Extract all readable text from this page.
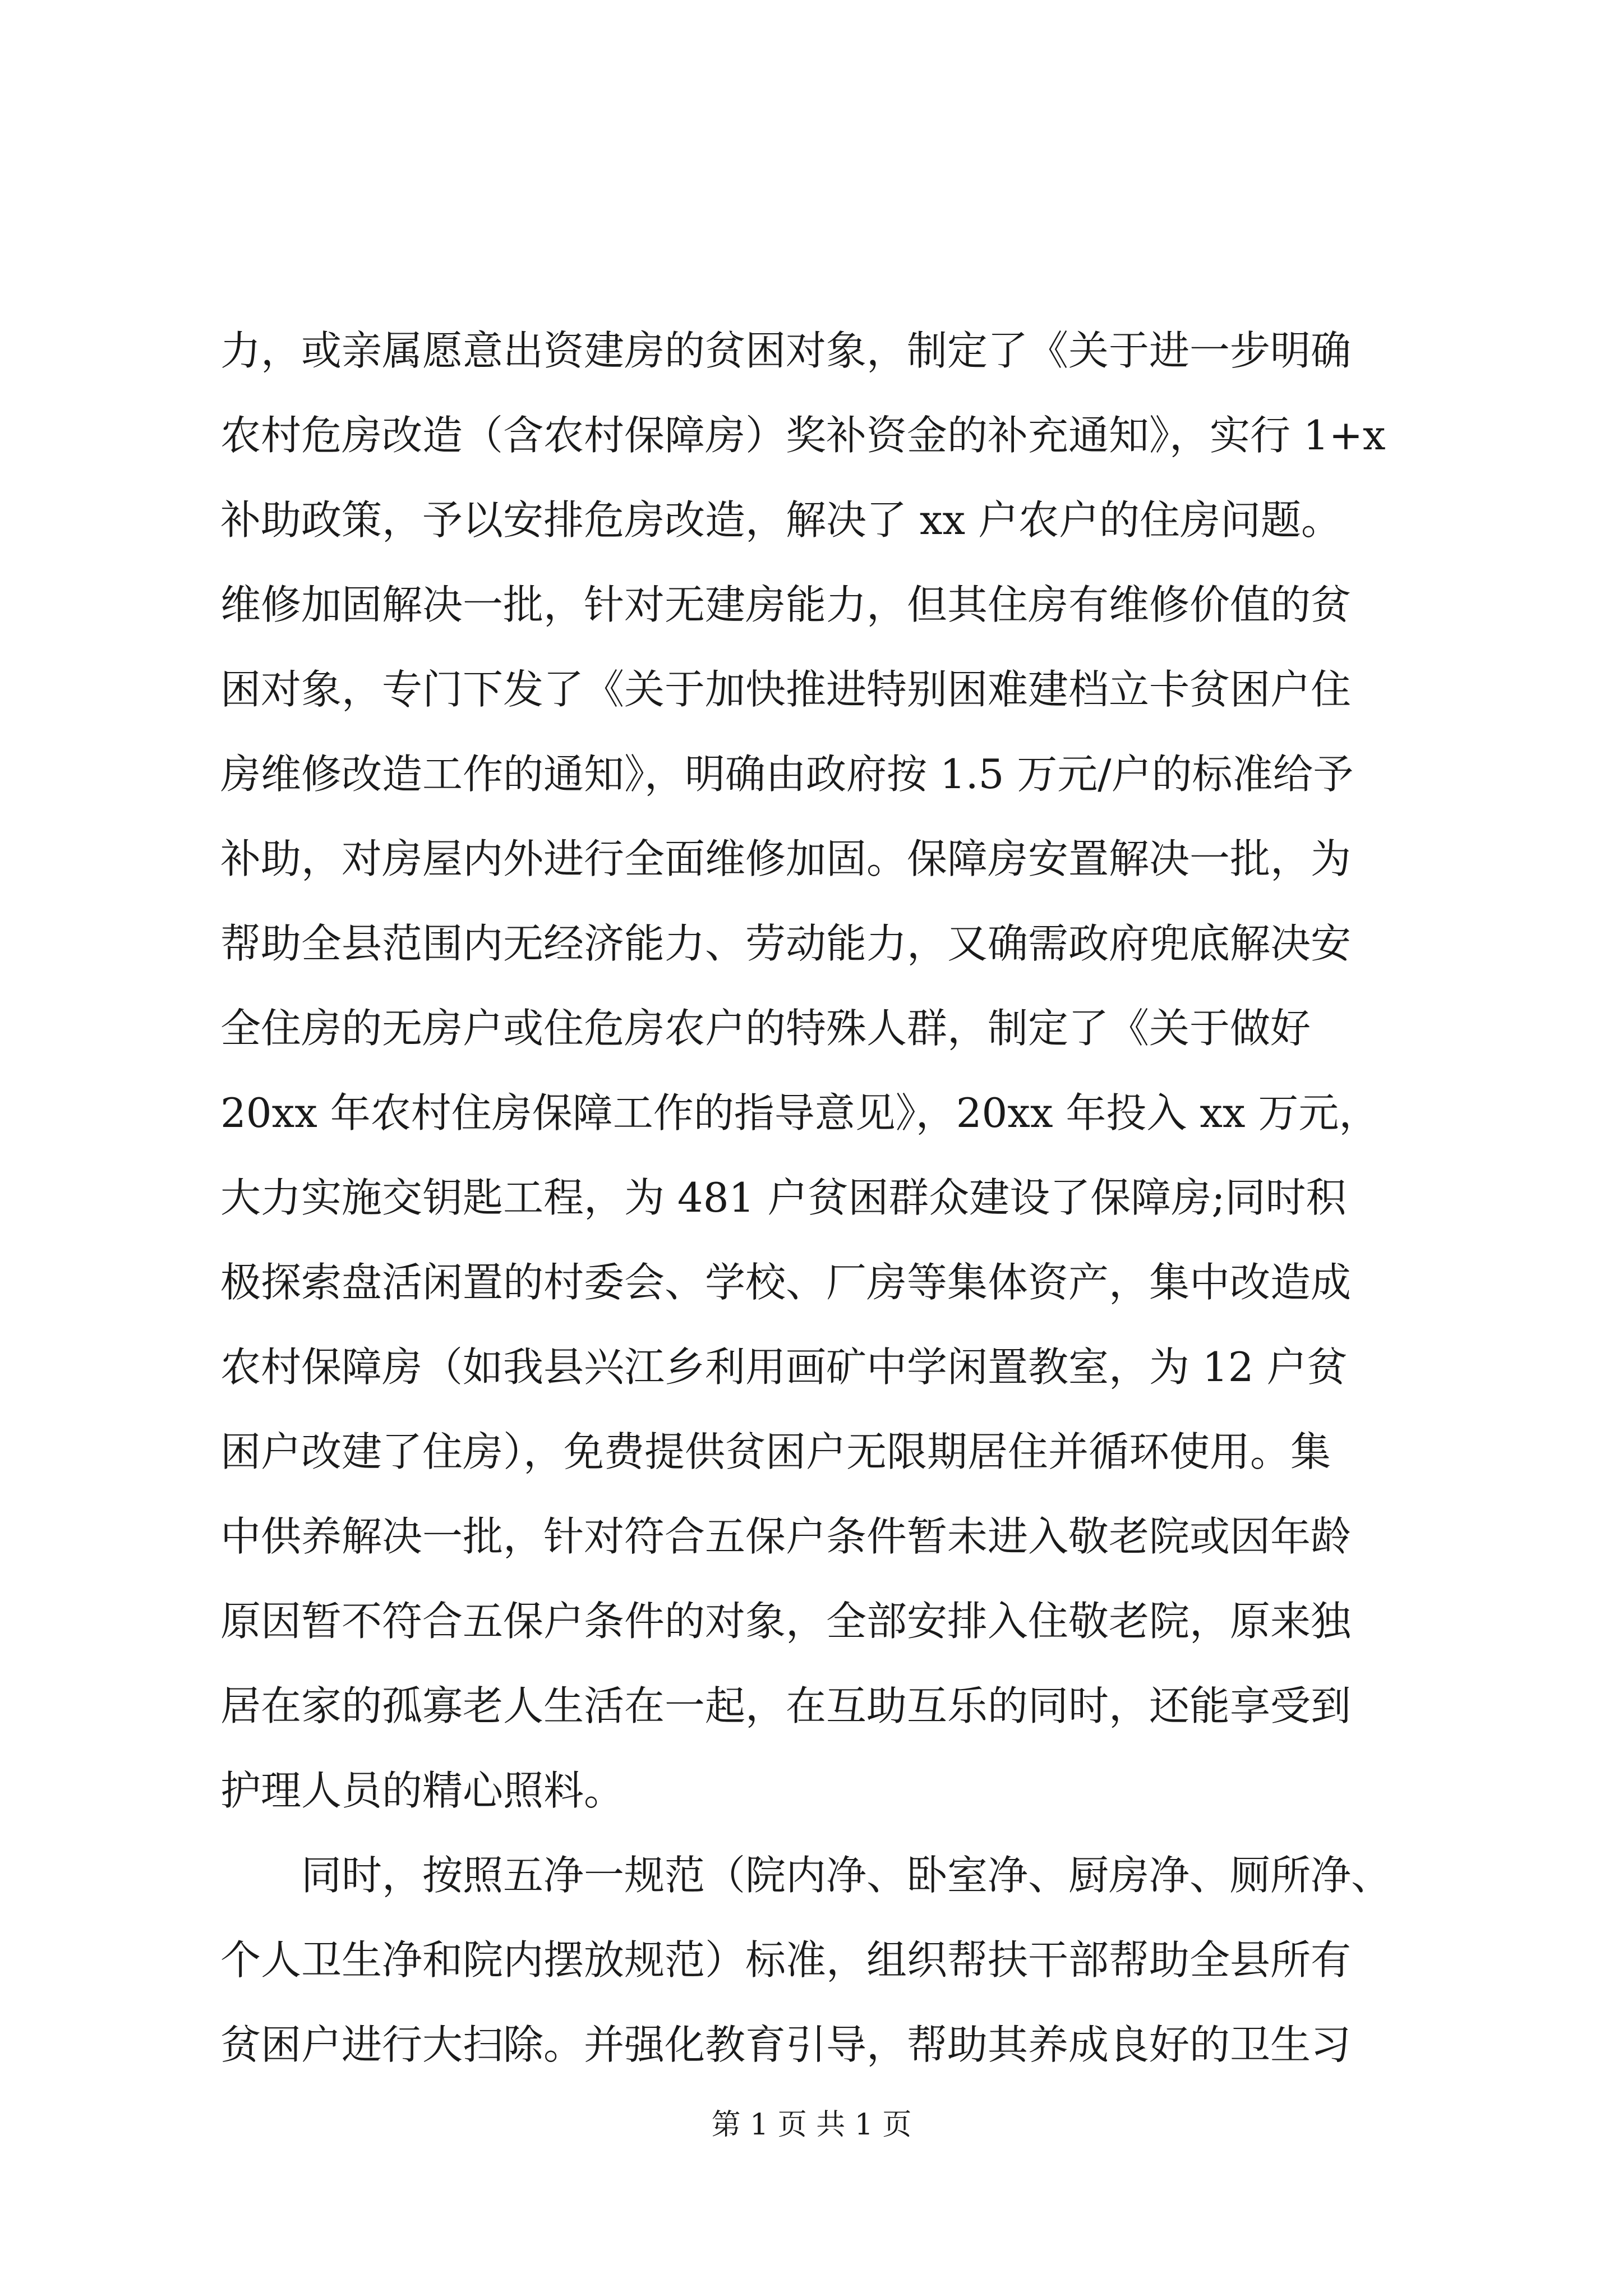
力，或亲属愿意出资建房的贫困对象，制定了《关于进一步明确
农村危房改造（含农村保障房）奖补资金的补充通知》，实行 1+x
补助政策，予以安排危房改造，解决了 xx 户农户的住房问题。
维修加固解决一批，针对无建房能力，但其住房有维修价值的贫
困对象，专门下发了《关于加快推进特别困难建档立卡贫困户住
房维修改造工作的通知》，明确由政府按 1.5 万元/户的标准给予
补助，对房屋内外进行全面维修加固。保障房安置解决一批，为
帮助全县范围内无经济能力、劳动能力，又确需政府兜底解决安
全住房的无房户或住危房农户的特殊人群，制定了《关于做好
20xx 年农村住房保障工作的指导意见》，20xx 年投入 xx 万元，
大力实施交钥匙工程，为 481 户贫困群众建设了保障房;同时积
极探索盘活闲置的村委会、学校、厂房等集体资产，集中改造成
农村保障房（如我县兴江乡利用画矿中学闲置教室，为 12 户贫
困户改建了住房），免费提供贫困户无限期居住并循环使用。集
中供养解决一批，针对符合五保户条件暂未进入敬老院或因年龄
原因暂不符合五保户条件的对象，全部安排入住敬老院，原来独
居在家的孤寡老人生活在一起，在互助互乐的同时，还能享受到
护理人员的精心照料。
　　同时，按照五净一规范（院内净、卧室净、厨房净、厕所净、
个人卫生净和院内摆放规范）标准，组织帮扶干部帮助全县所有
贫困户进行大扫除。并强化教育引导，帮助其养成良好的卫生习
第 1 页 共 1 页
